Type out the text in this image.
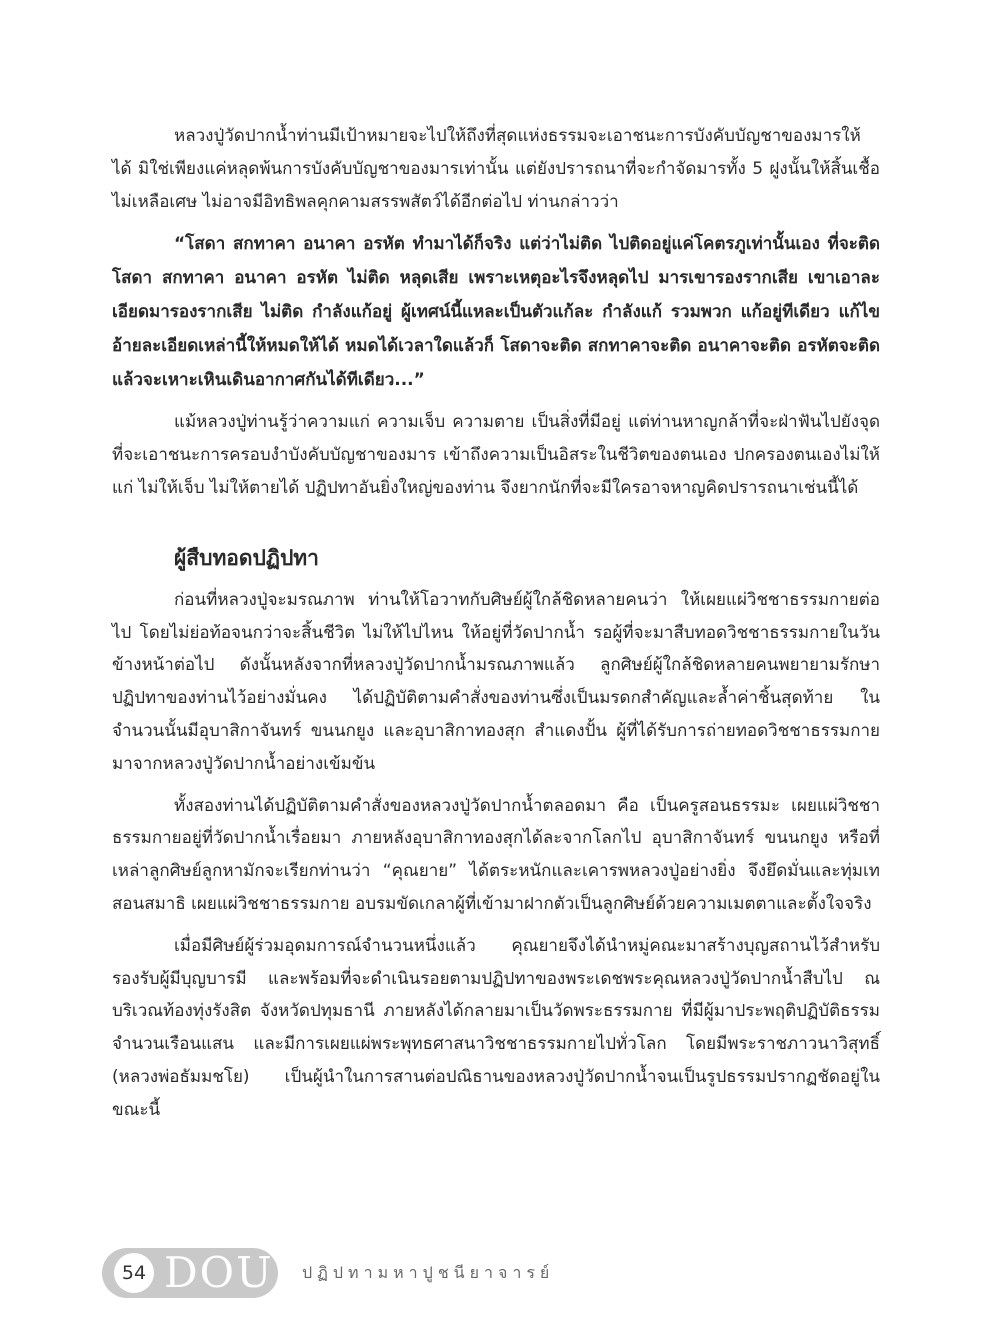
หลวงปู่วัดปากน้ำท่านมีเป้าหมายจะไปให้ถึงที่สุดแห่งธรรมจะเอาชนะการบังคับบัญชาของมารให้ได้ มิใช่เพียงแค่หลุดพ้นการบังคับบัญชาของมารเท่านั้น แต่ยังปรารถนาที่จะกำจัดมารทั้ง 5 ฝูงนั้นให้สิ้นเชื้อไม่เหลือเศษ ไม่อาจมีอิทธิพลคุกคามสรรพสัตว์ได้อีกต่อไป ท่านกล่าวว่า

“โสดา สกทาคา อนาคา อรหัต ทำมาได้ก็จริง แต่ว่าไม่ติด ไปติดอยู่แค่โคตรภูเท่านั้นเอง ที่จะติดโสดา สกทาคา อนาคา อรหัต ไม่ติด หลุดเสีย เพราะเหตุอะไรจึงหลุดไป มารเขารองรากเสีย เขาเอาละเอียดมารองรากเสีย ไม่ติด กำลังแก้อยู่ ผู้เทศน์นี้แหละเป็นตัวแก้ละ กำลังแก้ รวมพวก แก้อยู่ทีเดียว แก้ไขอ้ายละเอียดเหล่านี้ให้หมดให้ได้ หมดได้เวลาใดแล้วก็ โสดาจะติด สกทาคาจะติด อนาคาจะติด อรหัตจะติด แล้วจะเหาะเหินเดินอากาศกันได้ทีเดียว...”

แม้หลวงปู่ท่านรู้ว่าความแก่ ความเจ็บ ความตาย เป็นสิ่งที่มีอยู่ แต่ท่านหาญกล้าที่จะฝ่าฟันไปยังจุดที่จะเอาชนะการครอบงำบังคับบัญชาของมาร เข้าถึงความเป็นอิสระในชีวิตของตนเอง ปกครองตนเองไม่ให้แก่ ไม่ให้เจ็บ ไม่ให้ตายได้ ปฏิปทาอันยิ่งใหญ่ของท่าน จึงยากนักที่จะมีใครอาจหาญคิดปรารถนาเช่นนี้ได้

ผู้สืบทอดปฏิปทา

ก่อนที่หลวงปู่จะมรณภาพ ท่านให้โอวาทกับศิษย์ผู้ใกล้ชิดหลายคนว่า ให้เผยแผ่วิชชาธรรมกายต่อไป โดยไม่ย่อท้อจนกว่าจะสิ้นชีวิต ไม่ให้ไปไหน ให้อยู่ที่วัดปากน้ำ รอผู้ที่จะมาสืบทอดวิชชาธรรมกายในวันข้างหน้าต่อไป ดังนั้นหลังจากที่หลวงปู่วัดปากน้ำมรณภาพแล้ว ลูกศิษย์ผู้ใกล้ชิดหลายคนพยายามรักษาปฏิปทาของท่านไว้อย่างมั่นคง ได้ปฏิบัติตามคำสั่งของท่านซึ่งเป็นมรดกสำคัญและล้ำค่าชิ้นสุดท้าย ในจำนวนนั้นมีอุบาสิกาจันทร์ ขนนกยูง และอุบาสิกาทองสุก สำแดงปั้น ผู้ที่ได้รับการถ่ายทอดวิชชาธรรมกายมาจากหลวงปู่วัดปากน้ำอย่างเข้มข้น

ทั้งสองท่านได้ปฏิบัติตามคำสั่งของหลวงปู่วัดปากน้ำตลอดมา คือ เป็นครูสอนธรรมะ เผยแผ่วิชชาธรรมกายอยู่ที่วัดปากน้ำเรื่อยมา ภายหลังอุบาสิกาทองสุกได้ละจากโลกไป อุบาสิกาจันทร์ ขนนกยูง หรือที่เหล่าลูกศิษย์ลูกหามักจะเรียกท่านว่า “คุณยาย” ได้ตระหนักและเคารพหลวงปู่อย่างยิ่ง จึงยึดมั่นและทุ่มเทสอนสมาธิ เผยแผ่วิชชาธรรมกาย อบรมขัดเกลาผู้ที่เข้ามาฝากตัวเป็นลูกศิษย์ด้วยความเมตตาและตั้งใจจริง

เมื่อมีศิษย์ผู้ร่วมอุดมการณ์จำนวนหนึ่งแล้ว คุณยายจึงได้นำหมู่คณะมาสร้างบุญสถานไว้สำหรับรองรับผู้มีบุญบารมี และพร้อมที่จะดำเนินรอยตามปฏิปทาของพระเดชพระคุณหลวงปู่วัดปากน้ำสืบไป ณ บริเวณท้องทุ่งรังสิต จังหวัดปทุมธานี ภายหลังได้กลายมาเป็นวัดพระธรรมกาย ที่มีผู้มาประพฤติปฏิบัติธรรมจำนวนเรือนแสน และมีการเผยแผ่พระพุทธศาสนาวิชชาธรรมกายไปทั่วโลก โดยมีพระราชภาวนาวิสุทธิ์ (หลวงพ่อธัมมชโย) เป็นผู้นำในการสานต่อปณิธานของหลวงปู่วัดปากน้ำจนเป็นรูปธรรมปรากฏชัดอยู่ในขณะนี้

54 DOU ปฏิปทามหาปูชนียาจารย์
